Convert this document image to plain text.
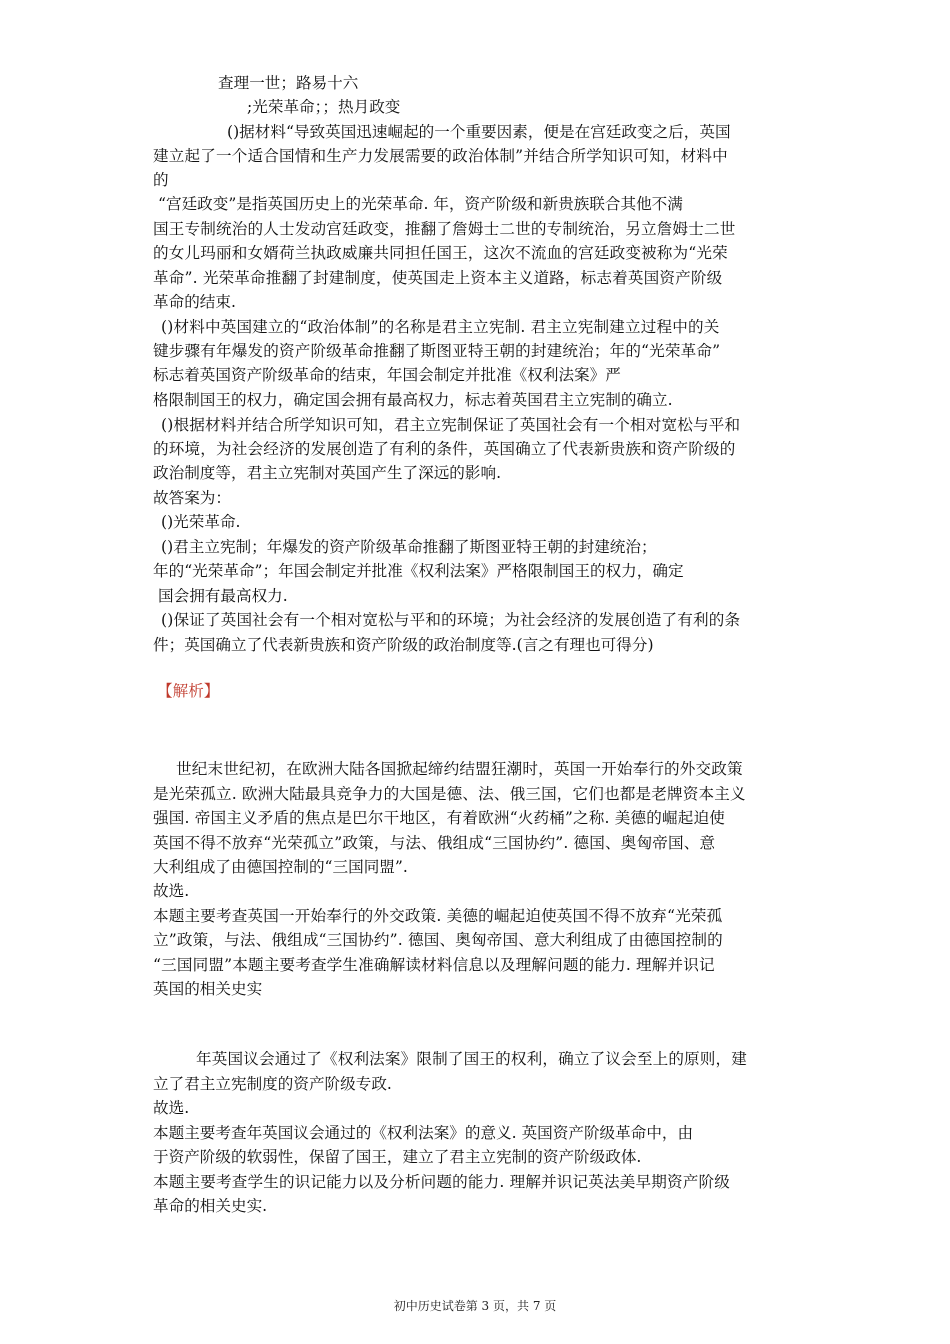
查理一世；路易十六
;光荣革命；；热月政变
()据材料“导致英国迅速崛起的一个重要因素，便是在宫廷政变之后，英国
建立起了一个适合国情和生产力发展需要的政治体制”并结合所学知识可知，材料中
的
“宫廷政变”是指英国历史上的光荣革命. 年，资产阶级和新贵族联合其他不满
国王专制统治的人士发动宫廷政变，推翻了詹姆士二世的专制统治，另立詹姆士二世
的女儿玛丽和女婿荷兰执政威廉共同担任国王，这次不流血的宫廷政变被称为“光荣
革命”. 光荣革命推翻了封建制度，使英国走上资本主义道路，标志着英国资产阶级
革命的结束.
()材料中英国建立的“政治体制”的名称是君主立宪制. 君主立宪制建立过程中的关
键步骤有年爆发的资产阶级革命推翻了斯图亚特王朝的封建统治；年的“光荣革命”
标志着英国资产阶级革命的结束，年国会制定并批准《权利法案》严
格限制国王的权力，确定国会拥有最高权力，标志着英国君主立宪制的确立.
()根据材料并结合所学知识可知，君主立宪制保证了英国社会有一个相对宽松与平和
的环境，为社会经济的发展创造了有利的条件，英国确立了代表新贵族和资产阶级的
政治制度等，君主立宪制对英国产生了深远的影响.
故答案为：
()光荣革命.
()君主立宪制；年爆发的资产阶级革命推翻了斯图亚特王朝的封建统治；
年的“光荣革命”；年国会制定并批准《权利法案》严格限制国王的权力，确定
国会拥有最高权力.
()保证了英国社会有一个相对宽松与平和的环境；为社会经济的发展创造了有利的条
件；英国确立了代表新贵族和资产阶级的政治制度等.(言之有理也可得分)
【解析】
世纪末世纪初，在欧洲大陆各国掀起缔约结盟狂潮时，英国一开始奉行的外交政策
是光荣孤立. 欧洲大陆最具竞争力的大国是德、法、俄三国，它们也都是老牌资本主义
强国. 帝国主义矛盾的焦点是巴尔干地区，有着欧洲“火药桶”之称. 美德的崛起迫使
英国不得不放弃“光荣孤立”政策，与法、俄组成“三国协约”. 德国、奥匈帝国、意
大利组成了由德国控制的“三国同盟”.
故选.
本题主要考查英国一开始奉行的外交政策. 美德的崛起迫使英国不得不放弃“光荣孤
立”政策，与法、俄组成“三国协约”. 德国、奥匈帝国、意大利组成了由德国控制的
“三国同盟”本题主要考查学生准确解读材料信息以及理解问题的能力. 理解并识记
英国的相关史实
年英国议会通过了《权利法案》限制了国王的权利，确立了议会至上的原则，建
立了君主立宪制度的资产阶级专政.
故选.
本题主要考查年英国议会通过的《权利法案》的意义. 英国资产阶级革命中，由
于资产阶级的软弱性，保留了国王，建立了君主立宪制的资产阶级政体.
本题主要考查学生的识记能力以及分析问题的能力. 理解并识记英法美早期资产阶级
革命的相关史实.
初中历史试卷第 3 页，共 7 页
